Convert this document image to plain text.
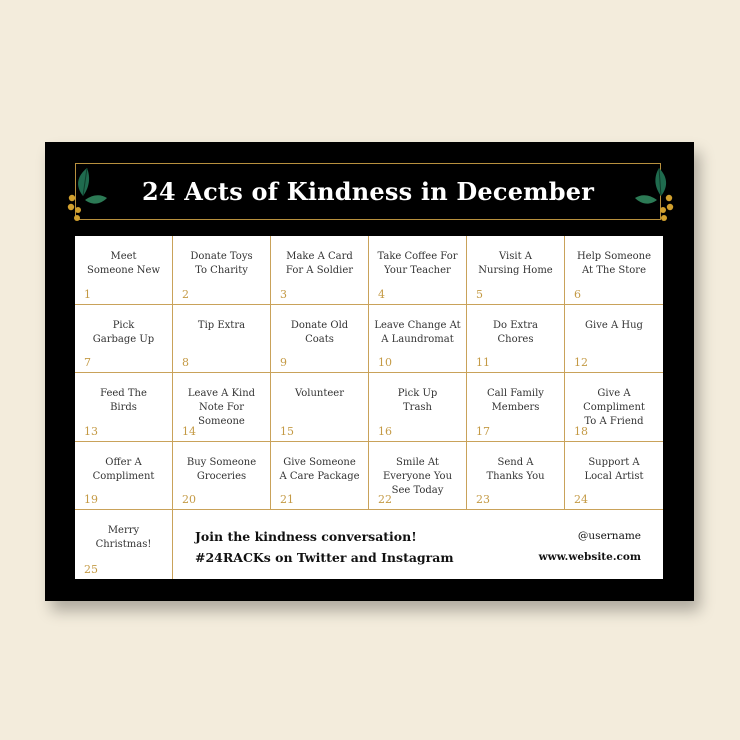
24 Acts of Kindness in December
Meet
Someone New
1
Donate Toys
To Charity
2
Make A Card
For A Soldier
3
Take Coffee For
Your Teacher
4
Visit A
Nursing Home
5
Help Someone
At The Store
6
Pick
Garbage Up
7
Tip Extra
8
Donate Old
Coats
9
Leave Change At
A Laundromat
10
Do Extra
Chores
11
Give A Hug
12
Feed The
Birds
13
Leave A Kind
Note For
Someone
14
Volunteer
15
Pick Up
Trash
16
Call Family
Members
17
Give A
Compliment
To A Friend
18
Offer A
Compliment
19
Buy Someone
Groceries
20
Give Someone
A Care Package
21
Smile At
Everyone You
See Today
22
Send A
Thanks You
23
Support A
Local Artist
24
Merry
Christmas!
25
Join the kindness conversation!
#24RACKs on Twitter and Instagram
@username
www.website.com
